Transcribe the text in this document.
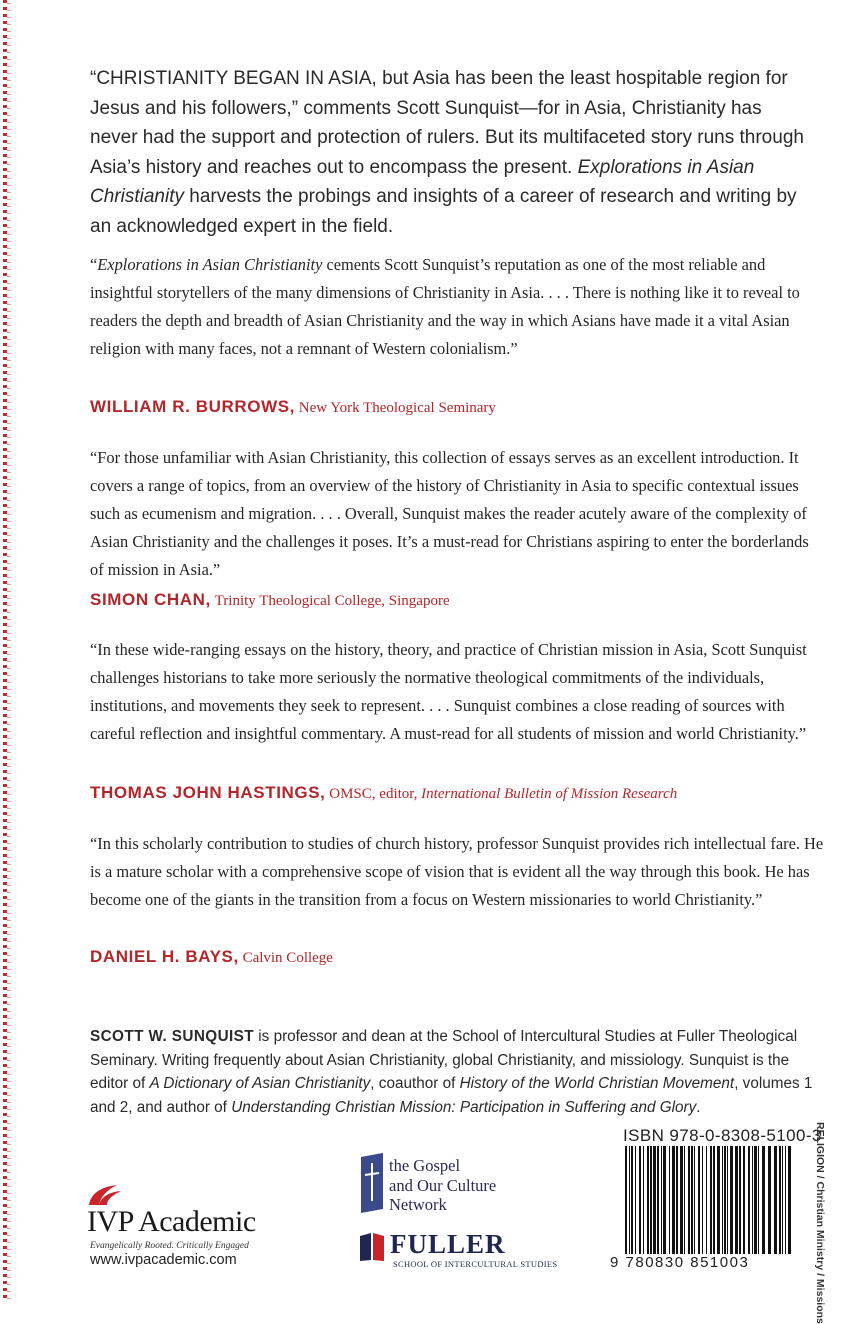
“CHRISTIANITY BEGAN IN ASIA, but Asia has been the least hospitable region for Jesus and his followers,” comments Scott Sunquist—for in Asia, Christianity has never had the support and protection of rulers. But its multifaceted story runs through Asia’s history and reaches out to encompass the present. Explorations in Asian Christianity harvests the probings and insights of a career of research and writing by an acknowledged expert in the field.
“Explorations in Asian Christianity cements Scott Sunquist’s reputation as one of the most reliable and insightful storytellers of the many dimensions of Christianity in Asia. . . . There is nothing like it to reveal to readers the depth and breadth of Asian Christianity and the way in which Asians have made it a vital Asian religion with many faces, not a remnant of Western colonialism.”
WILLIAM R. BURROWS, New York Theological Seminary
“For those unfamiliar with Asian Christianity, this collection of essays serves as an excellent introduction. It covers a range of topics, from an overview of the history of Christianity in Asia to specific contextual issues such as ecumenism and migration. . . . Overall, Sunquist makes the reader acutely aware of the complexity of Asian Christianity and the challenges it poses. It’s a must-read for Christians aspiring to enter the borderlands of mission in Asia.”
SIMON CHAN, Trinity Theological College, Singapore
“In these wide-ranging essays on the history, theory, and practice of Christian mission in Asia, Scott Sunquist challenges historians to take more seriously the normative theological commitments of the individuals, institutions, and movements they seek to represent. . . . Sunquist combines a close reading of sources with careful reflection and insightful commentary. A must-read for all students of mission and world Christianity.”
THOMAS JOHN HASTINGS, OMSC, editor, International Bulletin of Mission Research
“In this scholarly contribution to studies of church history, professor Sunquist provides rich intellectual fare. He is a mature scholar with a comprehensive scope of vision that is evident all the way through this book. He has become one of the giants in the transition from a focus on Western missionaries to world Christianity.”
DANIEL H. BAYS, Calvin College
SCOTT W. SUNQUIST is professor and dean at the School of Intercultural Studies at Fuller Theological Seminary. Writing frequently about Asian Christianity, global Christianity, and missiology. Sunquist is the editor of A Dictionary of Asian Christianity, coauthor of History of the World Christian Movement, volumes 1 and 2, and author of Understanding Christian Mission: Participation in Suffering and Glory.
ISBN 978-0-8308-5100-3
9 780830 851003	RELIGION / Christian Ministry / Missions
IVP Academic
Evangelically Rooted. Critically Engaged
www.ivpacademic.com
the Gospel
and Our Culture
Network
FULLER
SCHOOL OF INTERCULTURAL STUDIES
